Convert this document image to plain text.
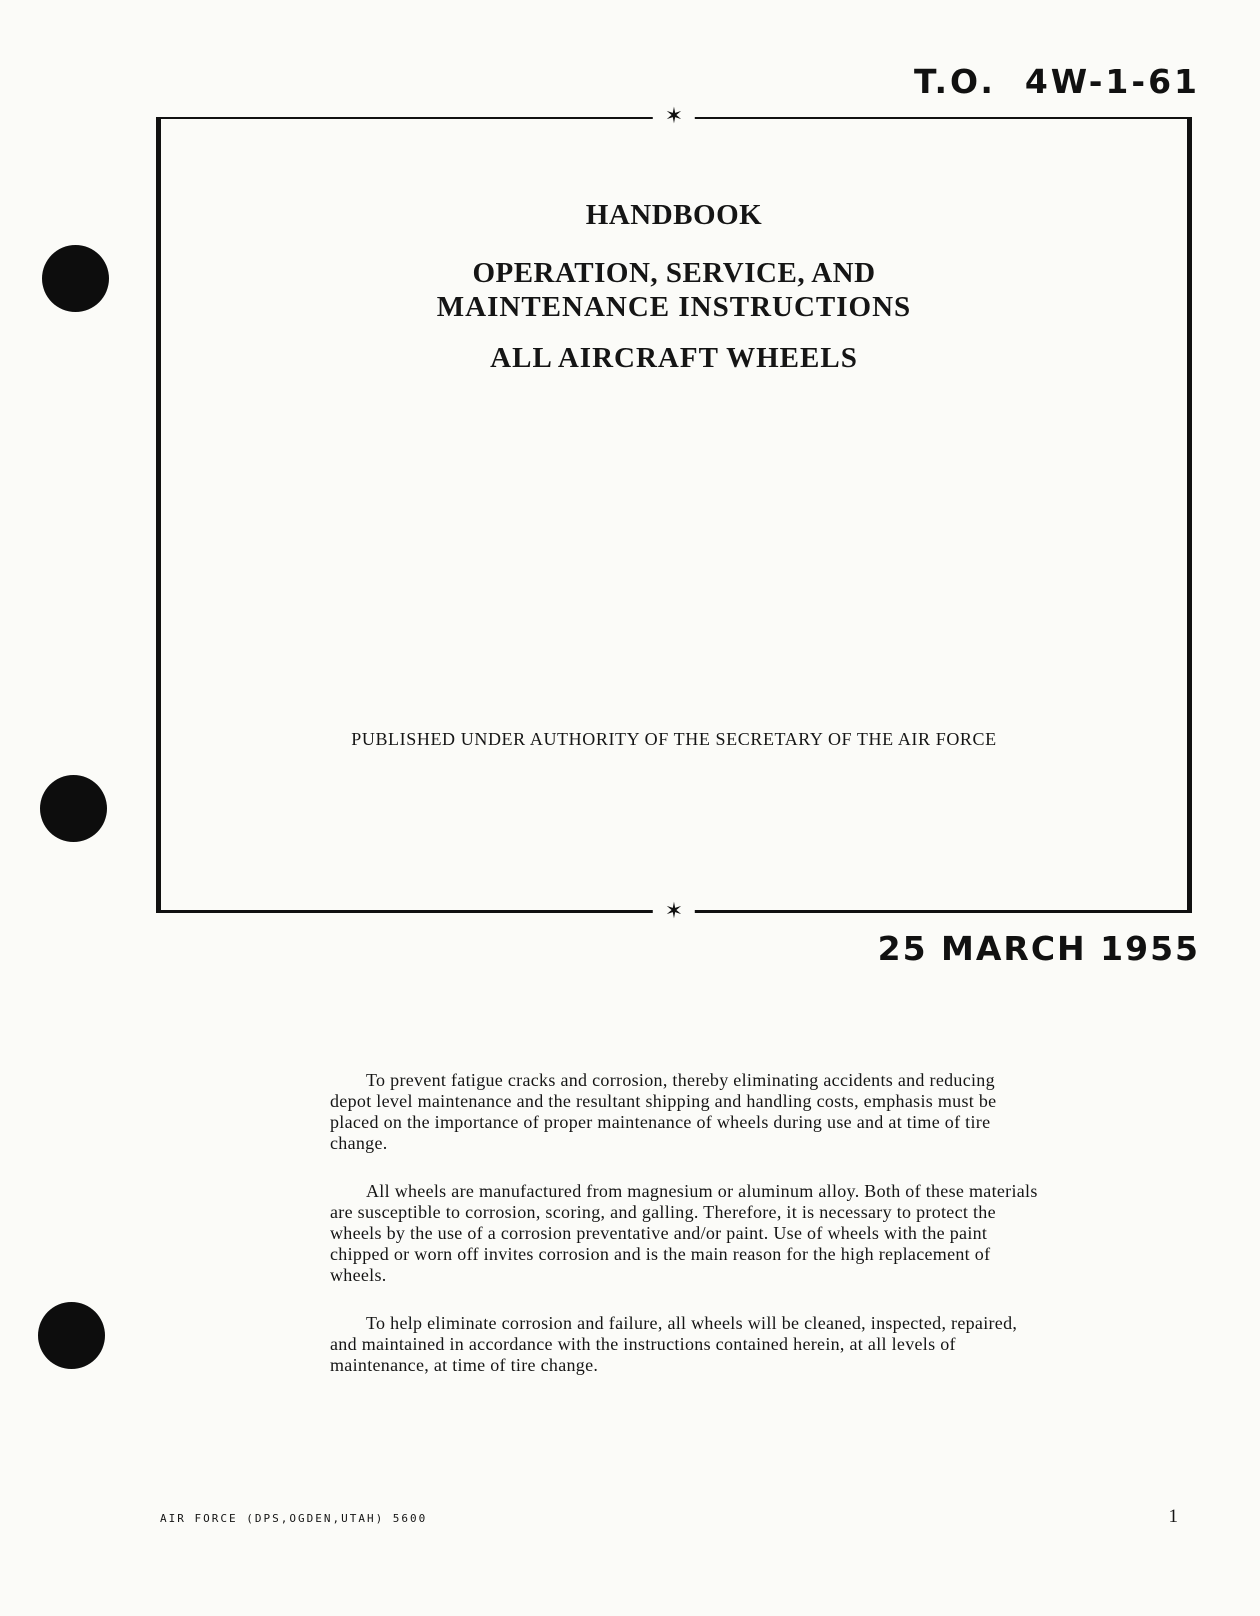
T.O.  4W-1-61
✶

HANDBOOK

OPERATION, SERVICE, AND

MAINTENANCE INSTRUCTIONS

ALL AIRCRAFT WHEELS

PUBLISHED UNDER AUTHORITY OF THE SECRETARY OF THE AIR FORCE
✶
25 MARCH 1955

To prevent fatigue cracks and corrosion, thereby eliminating accidents and reducing depot level maintenance and the resultant shipping and handling costs, emphasis must be placed on the importance of proper maintenance of wheels during use and at time of tire change.

All wheels are manufactured from magnesium or aluminum alloy. Both of these materials are susceptible to corrosion, scoring, and galling. Therefore, it is necessary to protect the wheels by the use of a corrosion preventative and/or paint. Use of wheels with the paint chipped or worn off invites corrosion and is the main reason for the high replacement of wheels.

To help eliminate corrosion and failure, all wheels will be cleaned, inspected, repaired, and maintained in accordance with the instructions contained herein, at all levels of maintenance, at time of tire change.

AIR FORCE (DPS,OGDEN,UTAH) 5600	1
